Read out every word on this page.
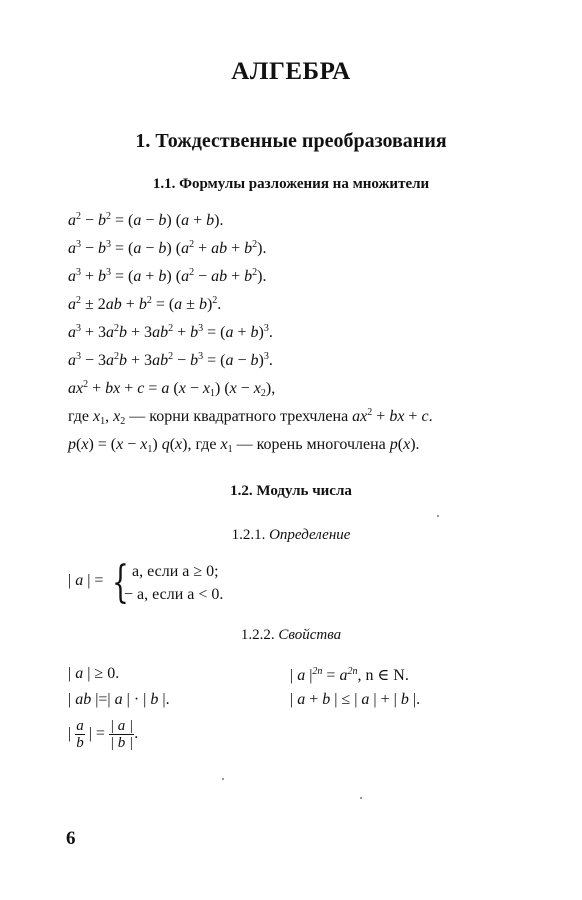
АЛГЕБРА
1. Тождественные преобразования
1.1. Формулы разложения на множители
$a^2 - b^2 = (a - b) (a + b)$.
$a^3 - b^3 = (a - b) (a^2$ + ab + $b^2$).
$a^3 + b^3 = (a + b) (a^2$ − ab + $b^2$).
$a^2 \pm 2ab + b^2 = (a \pm b)^2$.
$a^3 + 3a^2b + 3ab^2 + b^3 = (a + b)^3$.
$a^3 - 3a^2b + 3ab^2 - b^3 = (a - b)^3$.
$ax^2$ + bx + c = a $(x - x_1)$ $(x - x_2)$,
где $x_1$, $x_2$ — корни квадратного трехчлена $ax^2$ + bx + c.
$p(x) = (x - x_1)$ q(x), где $x_1$ — корень многочлена p(x).
1.2. Модуль числа
1.2.1. Определение
| a | = { a, если a ≥ 0;
− a, если a < 0.
1.2.2. Свойства
| a | ≥ 0.
| ab |=| a | · | b |.
| $\frac{a}{b}$ | = $\frac{| a |}{| b |}$ .
| a $|^{2n} = a^{2n}$, n ∈ N.
| a + b | ≤ | a | + | b |.
6
